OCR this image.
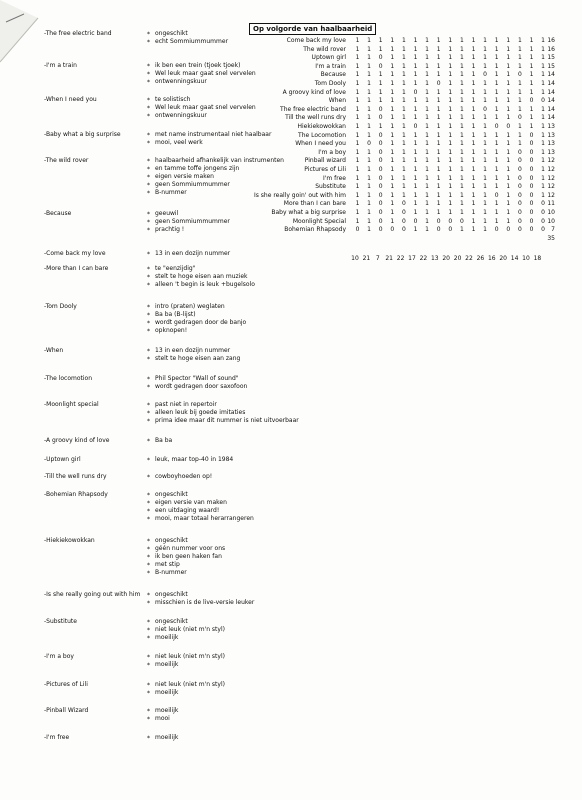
Op volgorde van haalbaarheid
Come back my love	1	1	1	1	1	1	1	1	1	1	1	1	1	1	1	1	1 16
The wild rover	1	1	1	1	1	1	1	1	1	1	1	1	1	1	1	1	1 16
Uptown girl	1	1	0	1	1	1	1	1	1	1	1	1	1	1	1	1	1 15
I'm a train	1	1	0	1	1	1	1	1	1	1	1	1	1	1	1	1	1 15
Because	1	1	1	1	1	1	1	1	1	1	1	0	1	1	0	1	1 14
Tom Dooly	1	1	1	1	1	1	1	0	1	1	1	1	1	1	1	1	1 14
A groovy kind of love	1	1	1	1	1	0	1	1	1	1	1	1	1	1	1	1	1 14
When	1	1	1	1	1	1	1	1	1	1	1	1	1	1	1	0	0 14
The free electric band	1	1	0	1	1	1	1	1	1	1	1	0	1	1	1	1	1 14
Till the well runs dry	1	1	0	1	1	1	1	1	1	1	1	1	1	1	0	1	1 14
Hiekiekowokkan	1	1	1	1	1	0	1	1	1	1	1	1	0	0	1	1	1 13
The Locomotion	1	1	0	1	1	1	1	1	1	1	1	1	1	1	1	0	1 13
When I need you	1	0	0	1	1	1	1	1	1	1	1	1	1	1	1	0	1 13
I'm a boy	1	1	0	1	1	1	1	1	1	1	1	1	1	1	0	0	1 13
Pinball wizard	1	1	0	1	1	1	1	1	1	1	1	1	1	1	0	0	1 12
Pictures of Lili	1	1	0	1	1	1	1	1	1	1	1	1	1	1	0	0	1 12
I'm free	1	1	0	1	1	1	1	1	1	1	1	1	1	1	0	0	1 12
Substitute	1	1	0	1	1	1	1	1	1	1	1	1	1	1	0	0	1 12
Is she really goin' out with him	1	1	0	1	1	1	1	1	1	1	1	1	0	1	0	0	1 12
More than I can bare	1	1	0	1	0	1	1	1	1	1	1	1	1	1	0	0	0 11
Baby what a big surprise	1	1	0	1	0	1	1	1	1	1	1	1	1	1	0	0	0 10
Moonlight Special	1	1	0	1	0	0	1	0	0	0	1	1	1	1	0	0	0 10
Bohemian Rhapsody	0	1	0	0	0	1	1	0	0	1	1	1	0	0	0	0	0	7
35
10 21 7 21 22 17 22 13 20 20 22 26 16 20 14 10 18
-The free electric band	* ongeschikt
* echt Sommiummummer
-I'm a train	* ik ben een trein (tjoek tjoek)
* Wel leuk maar gaat snel vervelen
* ontwenningskuur
-When I need you	* te solistisch
* Wel leuk maar gaat snel vervelen
* ontwenningskuur
-Baby what a big surprise	* met name instrumentaal niet haalbaar
* mooi, veel werk
-The wild rover	* haalbaarheid afhankelijk van instrumenten
* en tamme toffe jongens zijn
* eigen versie maken
* geen Sommiummummer
* B-nummer
-Because	* geeuwil
* geen Sommiummummer
* prachtig !
-Come back my love	* 13 in een dozijn nummer
-More than I can bare	* te "eenzijdig"
* stelt te hoge eisen aan muziek
* alleen 't begin is leuk +bugelsolo
-Tom Dooly	* intro (praten) weglaten
* Ba ba (B-lijst)
* wordt gedragen door de banjo
* opknopen!
-When	* 13 in een dozijn nummer
* stelt te hoge eisen aan zang
-The locomotion	* Phil Spector "Wall of sound"
* wordt gedragen door saxofoon
-Moonlight special	* past niet in repertoir
* alleen leuk bij goede imitaties
* prima idee maar dit nummer is niet uitvoerbaar
-A groovy kind of love	* Ba ba
-Uptown girl	* leuk, maar top-40 in 1984
-Till the well runs dry	* cowboyhoeden op!
-Bohemian Rhapsody	* ongeschikt
* eigen versie van maken
* een uitdaging waard!
* mooi, maar totaal herarrangeren
-Hiekiekowokkan	* ongeschikt
* géén nummer voor ons
* ik ben geen haken fan
* met stip
* B-nummer
-Is she really going out with him	* ongeschikt
* misschien is de live-versie leuker
-Substitute	* ongeschikt
* niet leuk (niet m'n styl)
* moeilijk
-I'm a boy	* niet leuk (niet m'n styl)
* moeilijk
-Pictures of Lili	* niet leuk (niet m'n styl)
* moeilijk
-Pinball Wizard	* moeilijk
* mooi
-I'm free	* moeilijk
